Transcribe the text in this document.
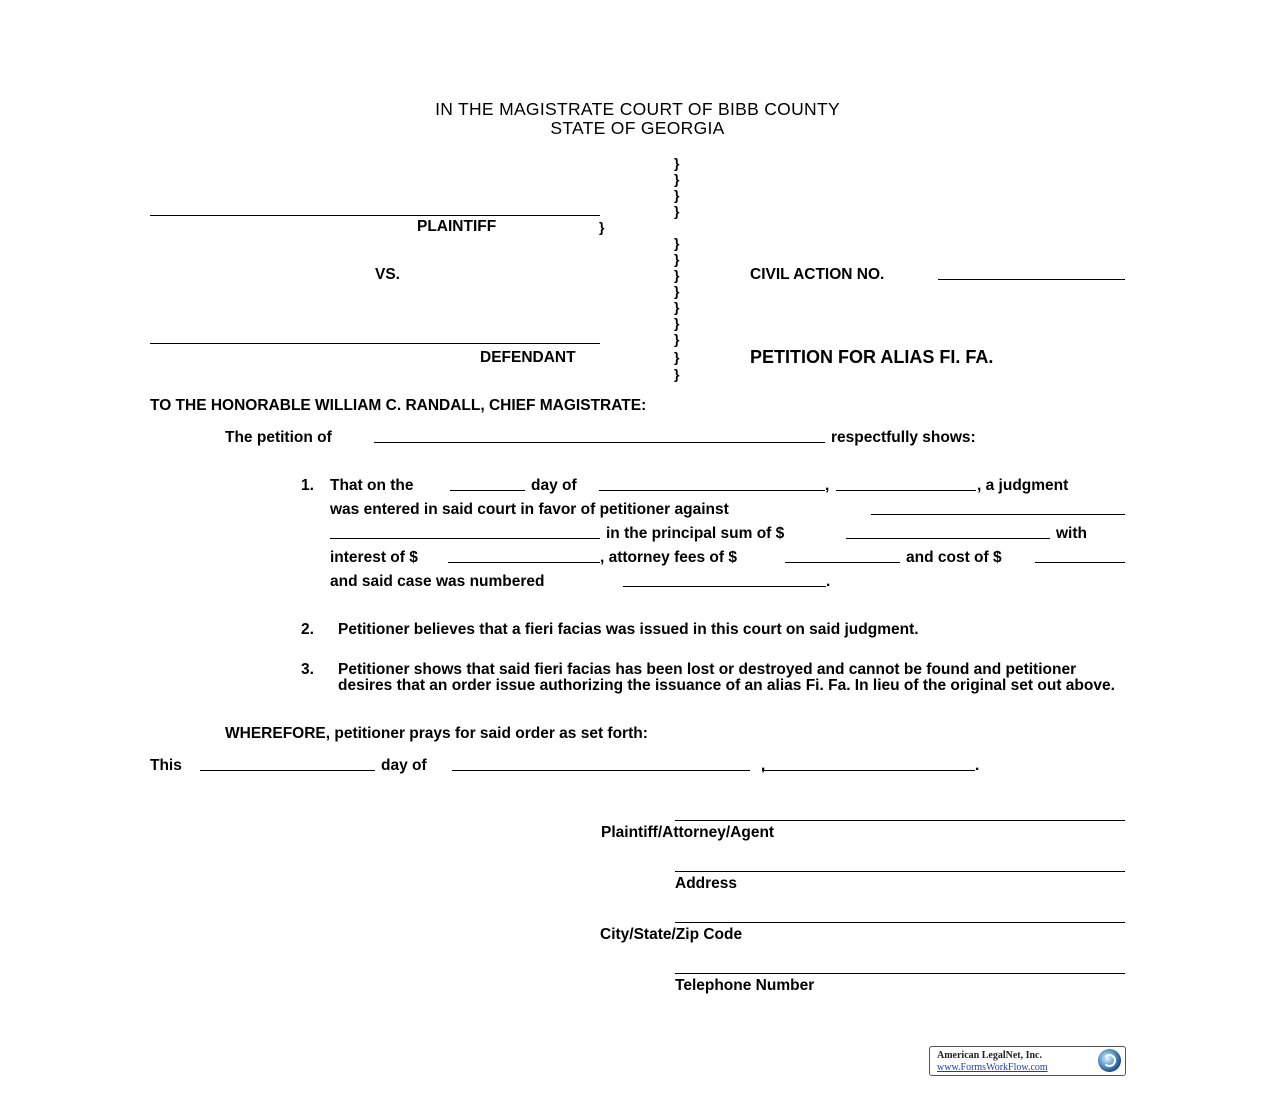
IN THE MAGISTRATE COURT OF BIBB COUNTY
STATE OF GEORGIA
}
}
}
}
}
}
}
}
}
}
}
}
}
}
PLAINTIFF
VS.
DEFENDANT
CIVIL ACTION NO.
PETITION FOR ALIAS FI. FA.
TO THE HONORABLE WILLIAM C. RANDALL, CHIEF MAGISTRATE:
The petition of	respectfully shows:
1. That on the	day of	,	, a judgment
was entered in said court in favor of petitioner against
in the principal sum of $	with
interest of $	, attorney fees of $	and cost of $
and said case was numbered	.
2. Petitioner believes that a fieri facias was issued in this court on said judgment.
3. Petitioner shows that said fieri facias has been lost or destroyed and cannot be found and petitioner desires that an order issue authorizing the issuance of an alias Fi. Fa. In lieu of the original set out above.
WHEREFORE, petitioner prays for said order as set forth:
This	day of	,	.
Plaintiff/Attorney/Agent
Address
City/State/Zip Code
Telephone Number
American LegalNet, Inc.
www.FormsWorkFlow.com
